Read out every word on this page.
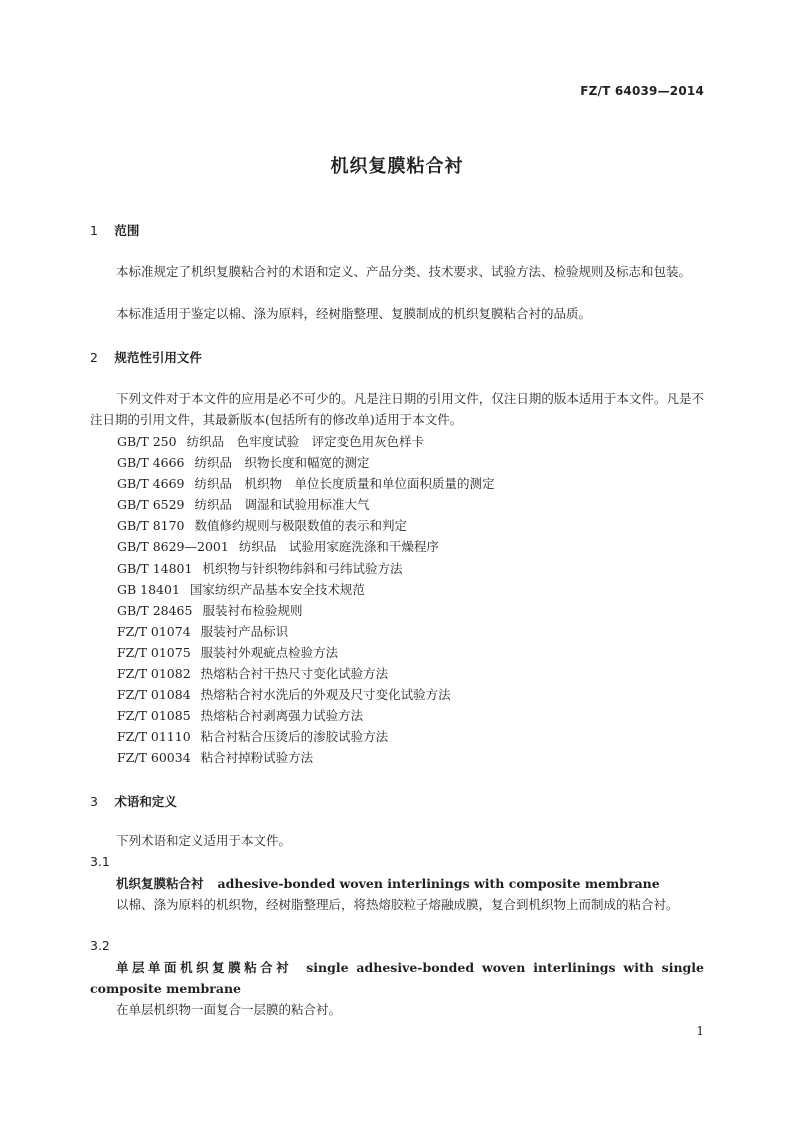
FZ/T 64039—2014
机织复膜粘合衬
1 范围
本标准规定了机织复膜粘合衬的术语和定义、产品分类、技术要求、试验方法、检验规则及标志和包装。
本标准适用于鉴定以棉、涤为原料，经树脂整理、复膜制成的机织复膜粘合衬的品质。
2 规范性引用文件
下列文件对于本文件的应用是必不可少的。凡是注日期的引用文件，仅注日期的版本适用于本文件。凡是不注日期的引用文件，其最新版本(包括所有的修改单)适用于本文件。
GB/T 250 纺织品　色牢度试验　评定变色用灰色样卡
GB/T 4666 纺织品　织物长度和幅宽的测定
GB/T 4669 纺织品　机织物　单位长度质量和单位面积质量的测定
GB/T 6529 纺织品　调湿和试验用标准大气
GB/T 8170 数值修约规则与极限数值的表示和判定
GB/T 8629—2001 纺织品　试验用家庭洗涤和干燥程序
GB/T 14801 机织物与针织物纬斜和弓纬试验方法
GB 18401 国家纺织产品基本安全技术规范
GB/T 28465 服装衬布检验规则
FZ/T 01074 服装衬产品标识
FZ/T 01075 服装衬外观疵点检验方法
FZ/T 01082 热熔粘合衬干热尺寸变化试验方法
FZ/T 01084 热熔粘合衬水洗后的外观及尺寸变化试验方法
FZ/T 01085 热熔粘合衬剥离强力试验方法
FZ/T 01110 粘合衬粘合压烫后的渗胶试验方法
FZ/T 60034 粘合衬掉粉试验方法
3 术语和定义
下列术语和定义适用于本文件。
3.1
机织复膜粘合衬 adhesive-bonded woven interlinings with composite membrane
以棉、涤为原料的机织物，经树脂整理后，将热熔胶粒子熔融成膜，复合到机织物上而制成的粘合衬。
3.2
单层单面机织复膜粘合衬 single adhesive-bonded woven interlinings with single composite membrane
在单层机织物一面复合一层膜的粘合衬。
1
